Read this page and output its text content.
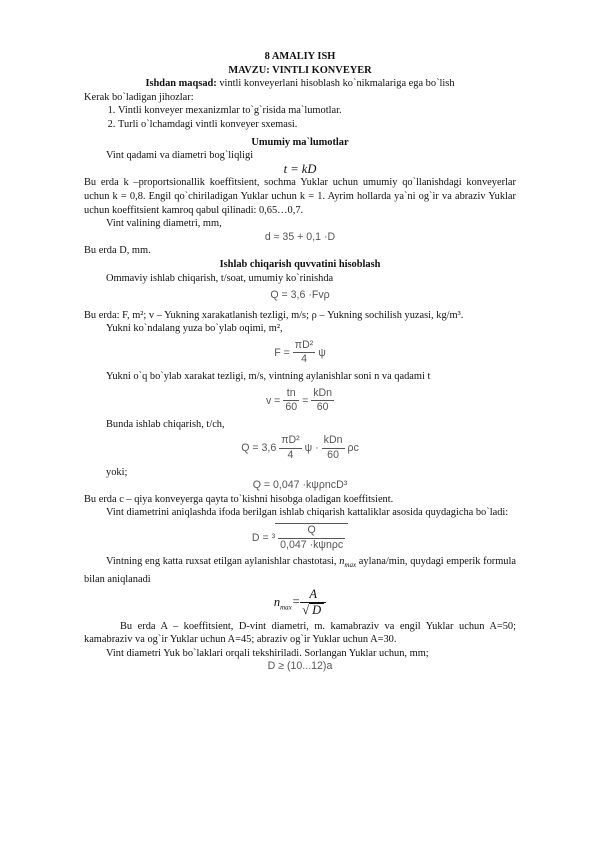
8 AMALIY ISH

MAVZU: VINTLI KONVEYER

Ishdan maqsad: vintli konveyerlani hisoblash ko`nikmalariga ega bo`lish

Kerak bo`ladigan jihozlar:

1. Vintli konveyer mexanizmlar to`g`risida ma`lumotlar.
2. Turli o`lchamdagi vintli konveyer sxemasi.

Umumiy ma`lumotlar

Vint qadami va diametri bog`liqligi

t = kD

Bu erda k –proportsionallik koeffitsient, sochma Yuklar uchun umumiy qo`llanishdagi konveyerlar uchun k = 0,8. Engil qo`chiriladigan Yuklar uchun k = 1. Ayrim hollarda ya`ni og`ir va abraziv Yuklar uchun koeffitsient kamroq qabul qilinadi: 0,65…0,7.

Vint valining diametri, mm,

d ≈ 35 + 0,1 ·D

Bu erda D, mm.

Ishlab chiqarish quvvatini hisoblash

Ommaviy ishlab chiqarish, t/soat, umumiy ko`rinishda

Q = 3,6 ·Fvρ

Bu erda: F, m²; v – Yukning xarakatlanish tezligi, m/s; ρ – Yukning sochilish yuzasi, kg/m³.

Yukni ko`ndalang yuza bo`ylab oqimi, m²,

$F = \frac{\text{πD²}}{4}$ ψ

Yukni o`q bo`ylab xarakat tezligi, m/s, vintning aylanishlar soni n va qadami t

$v = \frac{tn}{60} = \frac{\text{kDn}}{60}$

Bunda ishlab chiqarish, t/ch,

$Q = 3,6 \frac{\text{πD²}}{4}$ $\psi \cdot \frac{\text{kDn}}{60}$ ρc

yoki;

Q = 0,047 ·kψρncD³

Bu erda c – qiya konveyerga qayta to`kishni hisobga oladigan koeffitsient.

Vint diametrini aniqlashda ifoda berilgan ishlab chiqarish kattaliklar asosida quydagicha bo`ladi:

$D = ^3 \frac{Q}{\text{0,047 ·kψnρc}}$

Vintning eng katta ruxsat etilgan aylanishlar chastotasi, $n_{max}$ aylana/min, quydagi emperik formula bilan aniqlanadi

$n_{max}= \frac{A}{√ D}$

Bu erda A – koeffitsient, D-vint diametri, m. kamabraziv va engil Yuklar uchun A=50; kamabraziv va og`ir Yuklar uchun A=45; abraziv og`ir Yuklar uchun A=30.

Vint diametri Yuk bo`laklari orqali tekshiriladi. Sorlangan Yuklar uchun, mm;

D ≥ (10...12)a
